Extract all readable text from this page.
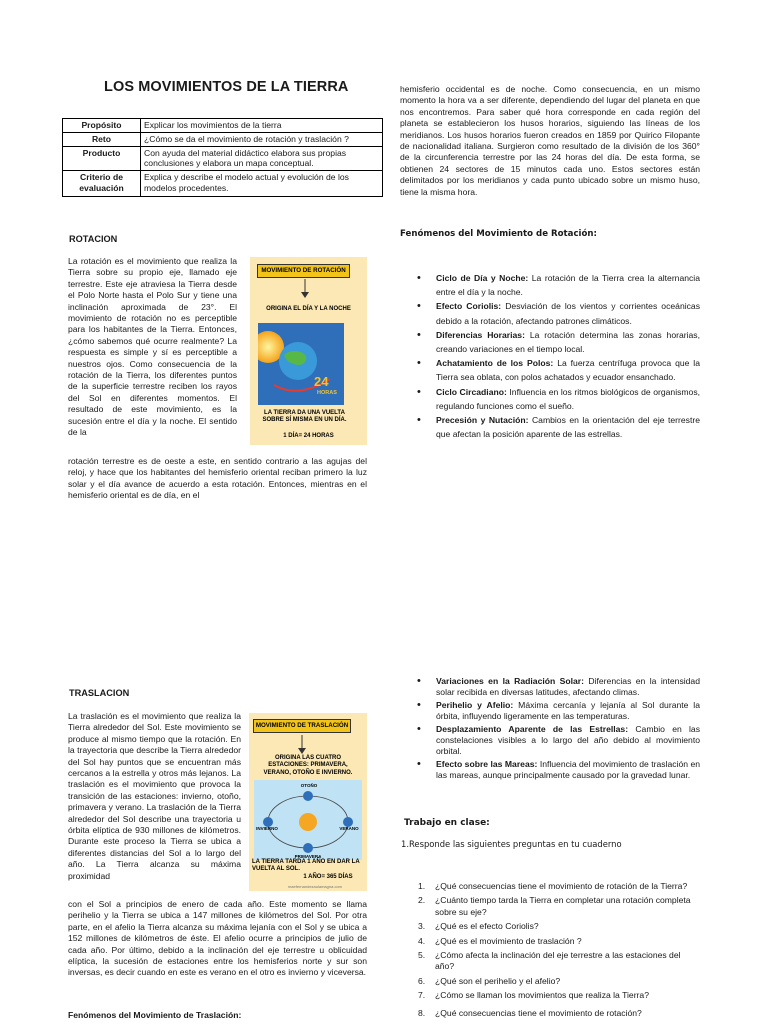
LOS MOVIMIENTOS DE LA TIERRA
Propósito	Explicar los movimientos de la tierra
Reto	¿Cómo se da el movimiento de rotación y traslación ?
Producto	Con ayuda del material didáctico elabora sus propias conclusiones y elabora un mapa conceptual.
Criterio de evaluación	Explica y describe el modelo actual y evolución de los modelos procedentes.
ROTACION
La rotación es el movimiento que realiza la Tierra sobre su propio eje, llamado eje terrestre. Este eje atraviesa la Tierra desde el Polo Norte hasta el Polo Sur y tiene una inclinación aproximada de 23°. El movimiento de rotación no es perceptible para los habitantes de la Tierra. Entonces, ¿cómo sabemos qué ocurre realmente? La respuesta es simple y sí es perceptible a nuestros ojos. Como consecuencia de la rotación de la Tierra, los diferentes puntos de la superficie terrestre reciben los rayos del Sol en diferentes momentos. El resultado de este movimiento, es la sucesión entre el día y la noche. El sentido de la
rotación terrestre es de oeste a este, en sentido contrario a las agujas del reloj, y hace que los habitantes del hemisferio oriental reciban primero la luz solar y el día avance de acuerdo a esta rotación. Entonces, mientras en el hemisferio oriental es de día, en el
MOVIMIENTO DE ROTACIÓN
ORIGINA EL DÍA Y LA NOCHE
24
HORAS
LA TIERRA DA UNA VUELTA SOBRE SÍ MISMA EN UN DÍA.
1 DÍA= 24 HORAS
hemisferio occidental es de noche. Como consecuencia, en un mismo momento la hora va a ser diferente, dependiendo del lugar del planeta en que nos encontremos. Para saber qué hora corresponde en cada región del planeta se establecieron los husos horarios, siguiendo las líneas de los meridianos. Los husos horarios fueron creados en 1859 por Quirico Filopante de nacionalidad italiana. Surgieron como resultado de la división de los 360° de la circunferencia terrestre por las 24 horas del día. De esta forma, se obtienen 24 sectores de 15 minutos cada uno. Estos sectores están delimitados por los meridianos y cada punto ubicado sobre un mismo huso, tiene la misma hora.
Fenómenos del Movimiento de Rotación:
• Ciclo de Día y Noche: La rotación de la Tierra crea la alternancia entre el día y la noche.
• Efecto Coriolis: Desviación de los vientos y corrientes oceánicas debido a la rotación, afectando patrones climáticos.
• Diferencias Horarias: La rotación determina las zonas horarias, creando variaciones en el tiempo local.
• Achatamiento de los Polos: La fuerza centrífuga provoca que la Tierra sea oblata, con polos achatados y ecuador ensanchado.
• Ciclo Circadiano: Influencia en los ritmos biológicos de organismos, regulando funciones como el sueño.
• Precesión y Nutación: Cambios en la orientación del eje terrestre que afectan la posición aparente de las estrellas.
TRASLACION
La traslación es el movimiento que realiza la Tierra alrededor del Sol. Este movimiento se produce al mismo tiempo que la rotación. En la trayectoria que describe la Tierra alrededor del Sol hay puntos que se encuentran más cercanos a la estrella y otros más lejanos. La traslación es el movimiento que provoca la transición de las estaciones: invierno, otoño, primavera y verano. La traslación de la Tierra alrededor del Sol describe una trayectoria u órbita elíptica de 930 millones de kilómetros. Durante este proceso la Tierra se ubica a diferentes distancias del Sol a lo largo del año. La Tierra alcanza su máxima proximidad
con el Sol a principios de enero de cada año. Este momento se llama perihelio y la Tierra se ubica a 147 millones de kilómetros del Sol. Por otra parte, en el afelio la Tierra alcanza su máxima lejanía con el Sol y se ubica a 152 millones de kilómetros de éste. El afelio ocurre a principios de julio de cada año. Por último, debido a la inclinación del eje terrestre u oblicuidad elíptica, la sucesión de estaciones entre los hemisferios norte y sur son inversas, es decir cuando en este es verano en el otro es invierno y viceversa.
Fenómenos del Movimiento de Traslación:
MOVIMIENTO DE TRASLACIÓN
ORIGINA LAS CUATRO ESTACIONES: PRIMAVERA, VERANO, OTOÑO E INVIERNO.
OTOÑO
INVIERNO	VERANO
PRIMAVERA
LA TIERRA TARDA 1 AÑO EN DAR LA VUELTA AL SOL.
1 AÑO= 365 DÍAS
maefernandezaulamagna.com
• Variaciones en la Radiación Solar: Diferencias en la intensidad solar recibida en diversas latitudes, afectando climas.
• Perihelio y Afelio: Máxima cercanía y lejanía al Sol durante la órbita, influyendo ligeramente en las temperaturas.
• Desplazamiento Aparente de las Estrellas: Cambio en las constelaciones visibles a lo largo del año debido al movimiento orbital.
• Efecto sobre las Mareas: Influencia del movimiento de traslación en las mareas, aunque principalmente causado por la gravedad lunar.
Trabajo en clase:
1.Responde las siguientes preguntas en tu cuaderno
1. ¿Qué consecuencias tiene el movimiento de rotación de la Tierra?
2. ¿Cuánto tiempo tarda la Tierra en completar una rotación completa sobre su eje?
3. ¿Qué es el efecto Coriolis?
4. ¿Qué es el movimiento de traslación ?
5. ¿Cómo afecta la inclinación del eje terrestre a las estaciones del año?
6. ¿Qué son el perihelio y el afelio?
7. ¿Cómo se llaman los movimientos que realiza la Tierra?
8. ¿Qué consecuencias tiene el movimiento de rotación?
